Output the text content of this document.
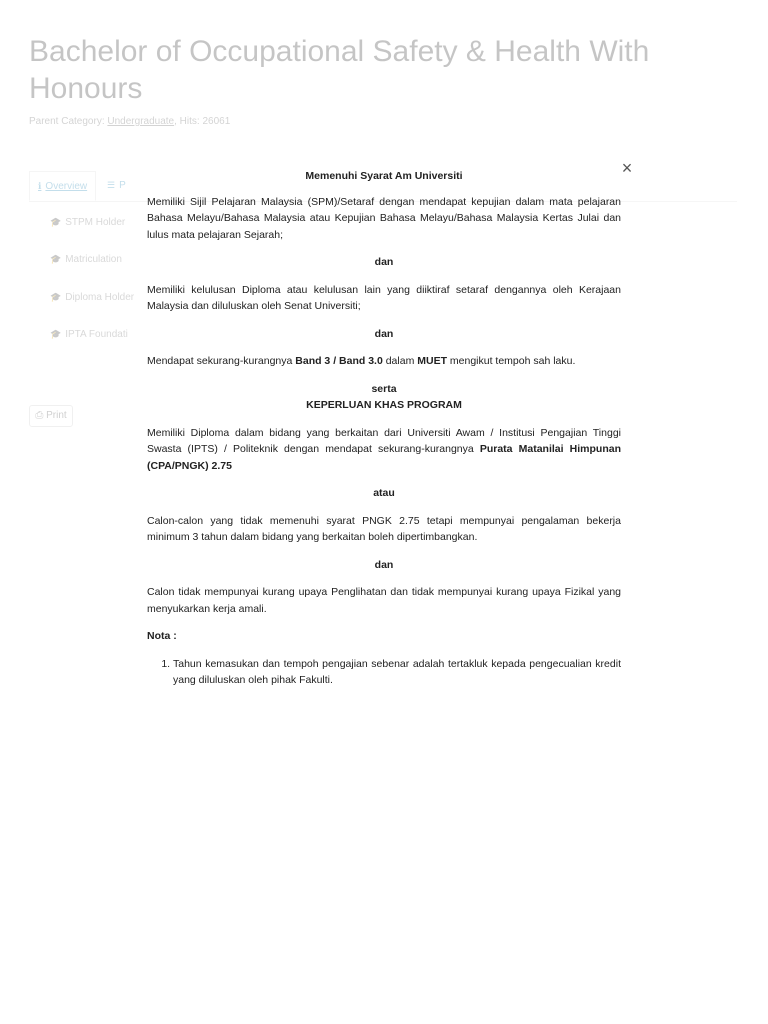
Bachelor of Occupational Safety & Health With Honours
Parent Category: Undergraduate, Hits: 26061
ℹ Overview	☰ P
🎓 STPM Holder
🎓 Matriculation
🎓 Diploma Holder
🎓 IPTA Foundati
⎙ Print
×

Memenuhi Syarat Am Universiti

Memiliki Sijil Pelajaran Malaysia (SPM)/Setaraf dengan mendapat kepujian dalam mata pelajaran Bahasa Melayu/Bahasa Malaysia atau Kepujian Bahasa Melayu/Bahasa Malaysia Kertas Julai dan lulus mata pelajaran Sejarah;

dan

Memiliki kelulusan Diploma atau kelulusan lain yang diiktiraf setaraf dengannya oleh Kerajaan Malaysia dan diluluskan oleh Senat Universiti;

dan

Mendapat sekurang-kurangnya Band 3 / Band 3.0 dalam MUET mengikut tempoh sah laku.

serta

KEPERLUAN KHAS PROGRAM

Memiliki Diploma dalam bidang yang berkaitan dari Universiti Awam / Institusi Pengajian Tinggi Swasta (IPTS) / Politeknik dengan mendapat sekurang-kurangnya Purata Matanilai Himpunan (CPA/PNGK) 2.75

atau

Calon-calon yang tidak memenuhi syarat PNGK 2.75 tetapi mempunyai pengalaman bekerja minimum 3 tahun dalam bidang yang berkaitan boleh dipertimbangkan.

dan

Calon tidak mempunyai kurang upaya Penglihatan dan tidak mempunyai kurang upaya Fizikal yang menyukarkan kerja amali.

Nota :

1. Tahun kemasukan dan tempoh pengajian sebenar adalah tertakluk kepada pengecualian kredit yang diluluskan oleh pihak Fakulti.
